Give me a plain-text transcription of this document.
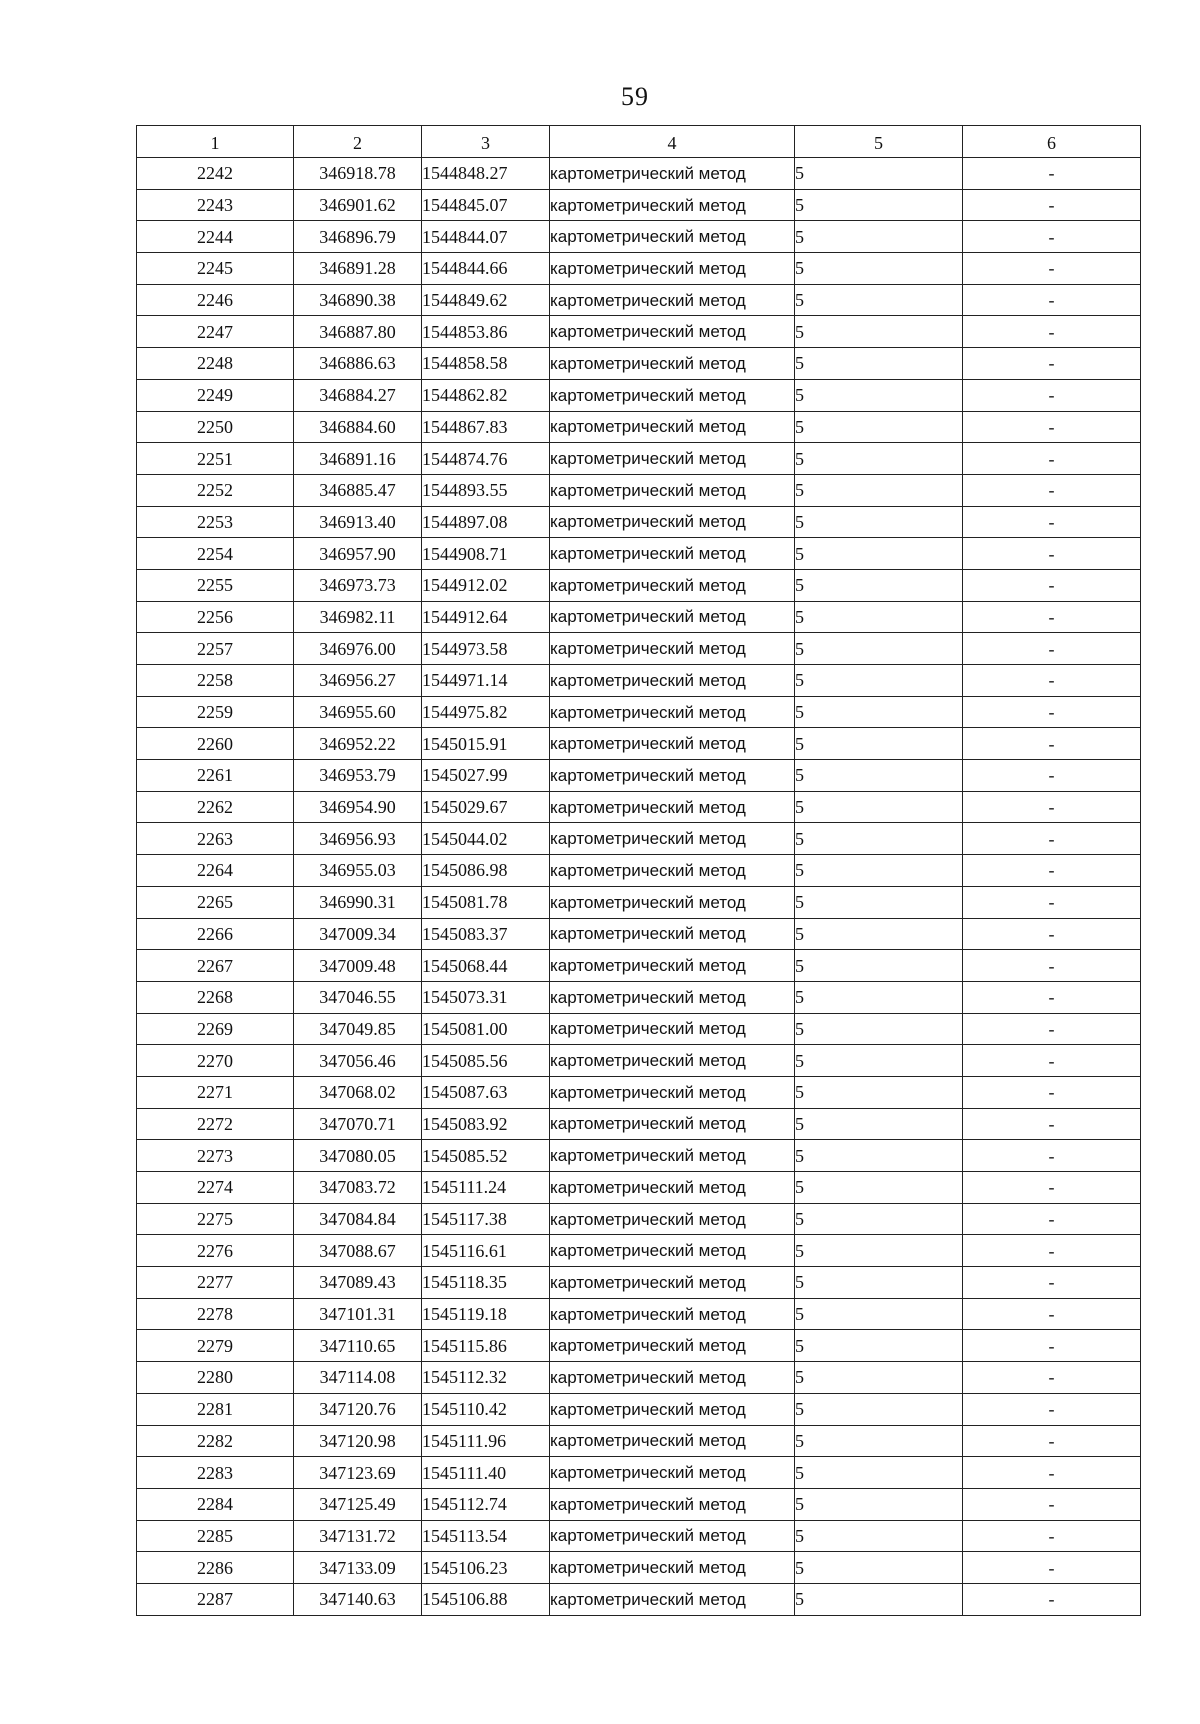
59
1	2	3	4	5	6
2242	346918.78	1544848.27	картометрический метод	5	-
2243	346901.62	1544845.07	картометрический метод	5	-
2244	346896.79	1544844.07	картометрический метод	5	-
2245	346891.28	1544844.66	картометрический метод	5	-
2246	346890.38	1544849.62	картометрический метод	5	-
2247	346887.80	1544853.86	картометрический метод	5	-
2248	346886.63	1544858.58	картометрический метод	5	-
2249	346884.27	1544862.82	картометрический метод	5	-
2250	346884.60	1544867.83	картометрический метод	5	-
2251	346891.16	1544874.76	картометрический метод	5	-
2252	346885.47	1544893.55	картометрический метод	5	-
2253	346913.40	1544897.08	картометрический метод	5	-
2254	346957.90	1544908.71	картометрический метод	5	-
2255	346973.73	1544912.02	картометрический метод	5	-
2256	346982.11	1544912.64	картометрический метод	5	-
2257	346976.00	1544973.58	картометрический метод	5	-
2258	346956.27	1544971.14	картометрический метод	5	-
2259	346955.60	1544975.82	картометрический метод	5	-
2260	346952.22	1545015.91	картометрический метод	5	-
2261	346953.79	1545027.99	картометрический метод	5	-
2262	346954.90	1545029.67	картометрический метод	5	-
2263	346956.93	1545044.02	картометрический метод	5	-
2264	346955.03	1545086.98	картометрический метод	5	-
2265	346990.31	1545081.78	картометрический метод	5	-
2266	347009.34	1545083.37	картометрический метод	5	-
2267	347009.48	1545068.44	картометрический метод	5	-
2268	347046.55	1545073.31	картометрический метод	5	-
2269	347049.85	1545081.00	картометрический метод	5	-
2270	347056.46	1545085.56	картометрический метод	5	-
2271	347068.02	1545087.63	картометрический метод	5	-
2272	347070.71	1545083.92	картометрический метод	5	-
2273	347080.05	1545085.52	картометрический метод	5	-
2274	347083.72	1545111.24	картометрический метод	5	-
2275	347084.84	1545117.38	картометрический метод	5	-
2276	347088.67	1545116.61	картометрический метод	5	-
2277	347089.43	1545118.35	картометрический метод	5	-
2278	347101.31	1545119.18	картометрический метод	5	-
2279	347110.65	1545115.86	картометрический метод	5	-
2280	347114.08	1545112.32	картометрический метод	5	-
2281	347120.76	1545110.42	картометрический метод	5	-
2282	347120.98	1545111.96	картометрический метод	5	-
2283	347123.69	1545111.40	картометрический метод	5	-
2284	347125.49	1545112.74	картометрический метод	5	-
2285	347131.72	1545113.54	картометрический метод	5	-
2286	347133.09	1545106.23	картометрический метод	5	-
2287	347140.63	1545106.88	картометрический метод	5	-
